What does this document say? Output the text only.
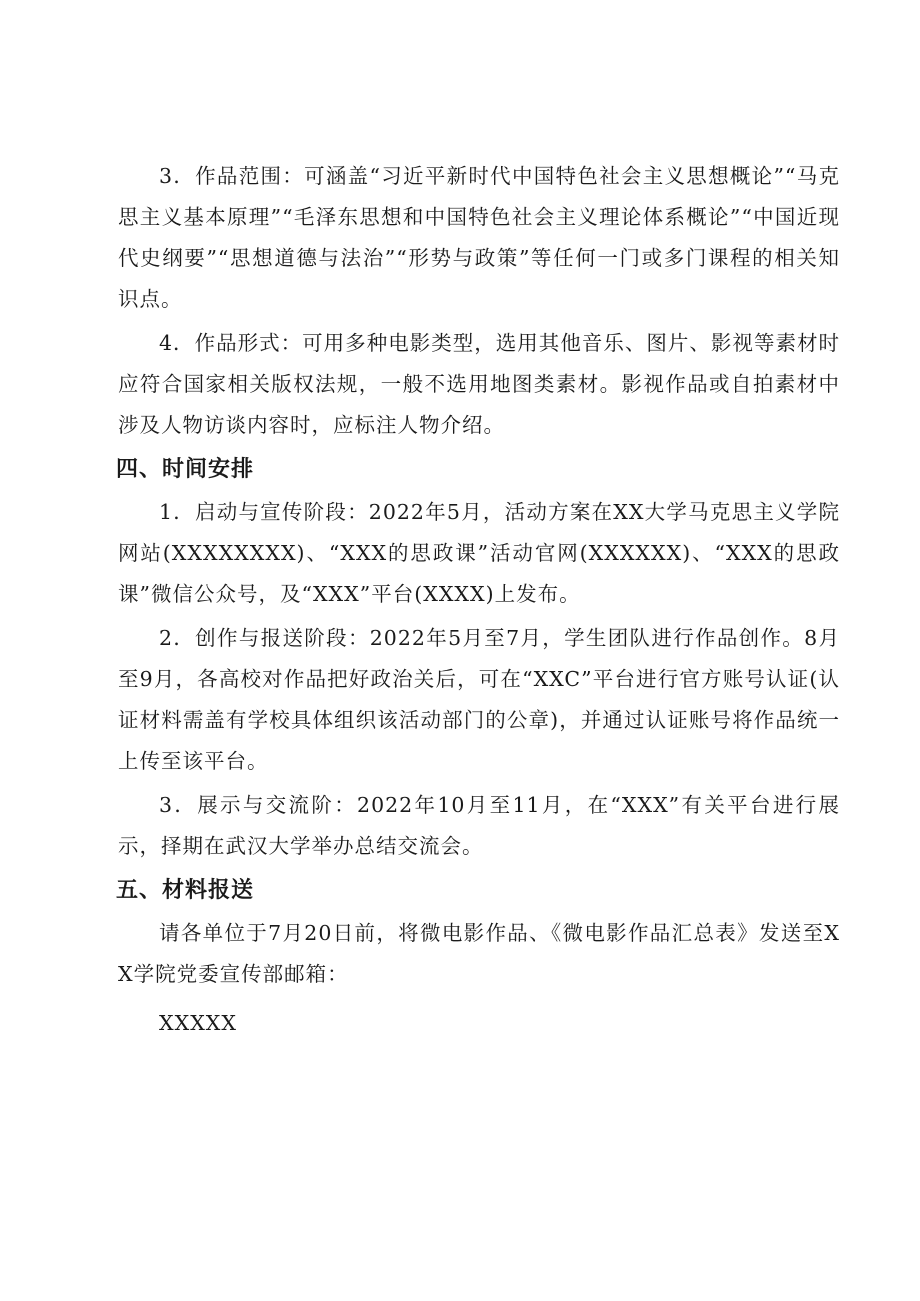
3．作品范围：可涵盖“习近平新时代中国特色社会主义思想概论”“马克思主义基本原理”“毛泽东思想和中国特色社会主义理论体系概论”“中国近现代史纲要”“思想道德与法治”“形势与政策”等任何一门或多门课程的相关知识点。

4．作品形式：可用多种电影类型，选用其他音乐、图片、影视等素材时应符合国家相关版权法规，一般不选用地图类素材。影视作品或自拍素材中涉及人物访谈内容时，应标注人物介绍。

四、时间安排

1．启动与宣传阶段：2022年5月，活动方案在XX大学马克思主义学院网站(XXXXXXXX)、“XXX的思政课”活动官网(XXXXXX)、“XXX的思政课”微信公众号，及“XXX”平台(XXXX)上发布。

2．创作与报送阶段：2022年5月至7月，学生团队进行作品创作。8月至9月，各高校对作品把好政治关后，可在“XXC”平台进行官方账号认证(认证材料需盖有学校具体组织该活动部门的公章)，并通过认证账号将作品统一上传至该平台。

3．展示与交流阶：2022年10月至11月，在“XXX”有关平台进行展示，择期在武汉大学举办总结交流会。

五、材料报送

请各单位于7月20日前，将微电影作品、《微电影作品汇总表》发送至XX学院党委宣传部邮箱：

XXXXX
